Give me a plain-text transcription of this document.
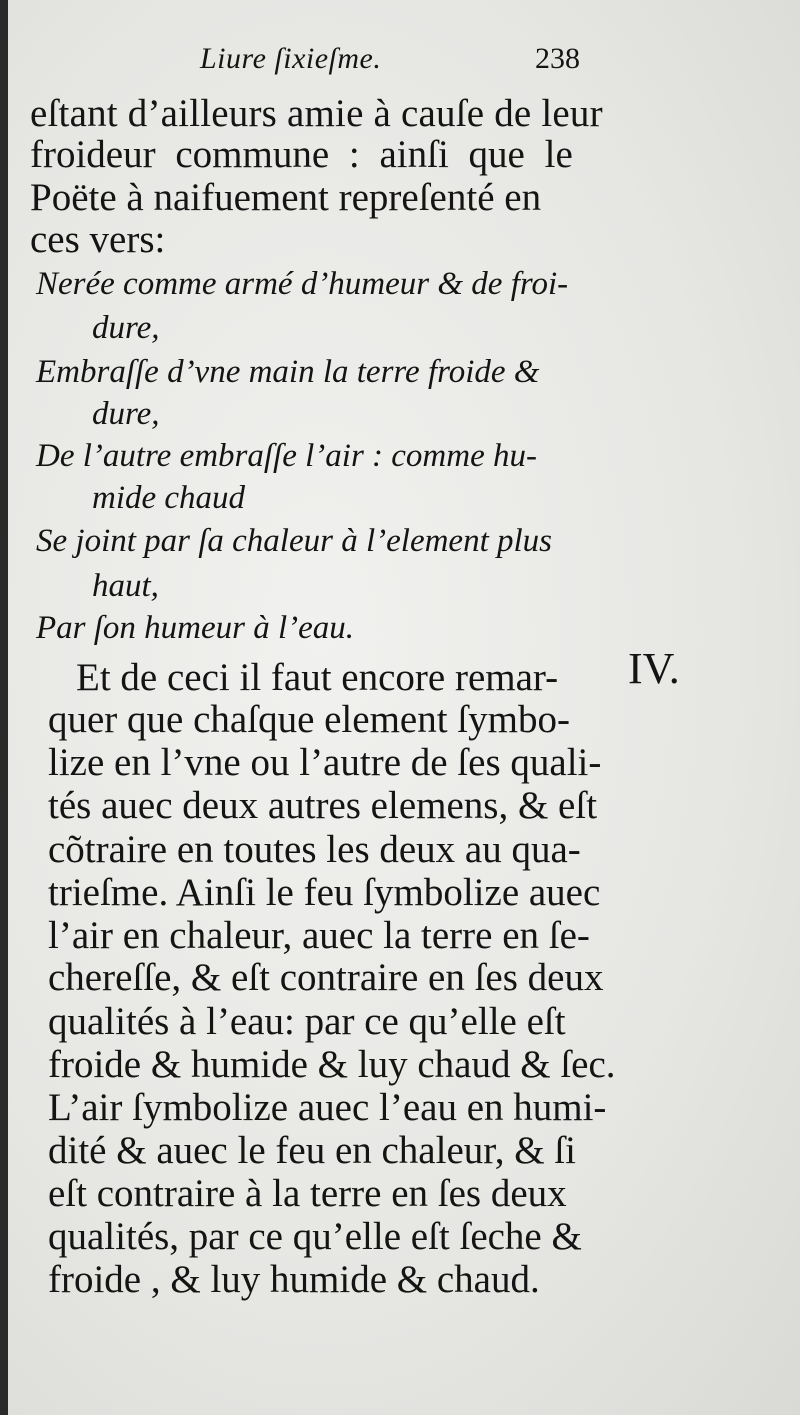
Liure ſixieſme.	238
eſtant d’ailleurs amie à cauſe de leur
froideur commune : ainſi que le
Poëte à naifuement repreſenté en
ces vers:
Nerée comme armé d’humeur & de froi-
dure,
Embraſſe d’vne main la terre froide &
dure,
De l’autre embraſſe l’air : comme hu-
mide chaud
Se joint par ſa chaleur à l’element plus
haut,
Par ſon humeur à l’eau.
IV.
Et de ceci il faut encore remar-
quer que chaſque element ſymbo-
lize en l’vne ou l’autre de ſes quali-
tés auec deux autres elemens, & eſt
cõtraire en toutes les deux au qua-
trieſme. Ainſi le feu ſymbolize auec
l’air en chaleur, auec la terre en ſe-
chereſſe, & eſt contraire en ſes deux
qualités à l’eau: par ce qu’elle eſt
froide & humide & luy chaud & ſec.
L’air ſymbolize auec l’eau en humi-
dité & auec le feu en chaleur, & ſi
eſt contraire à la terre en ſes deux
qualités, par ce qu’elle eſt ſeche &
froide , & luy humide & chaud.
